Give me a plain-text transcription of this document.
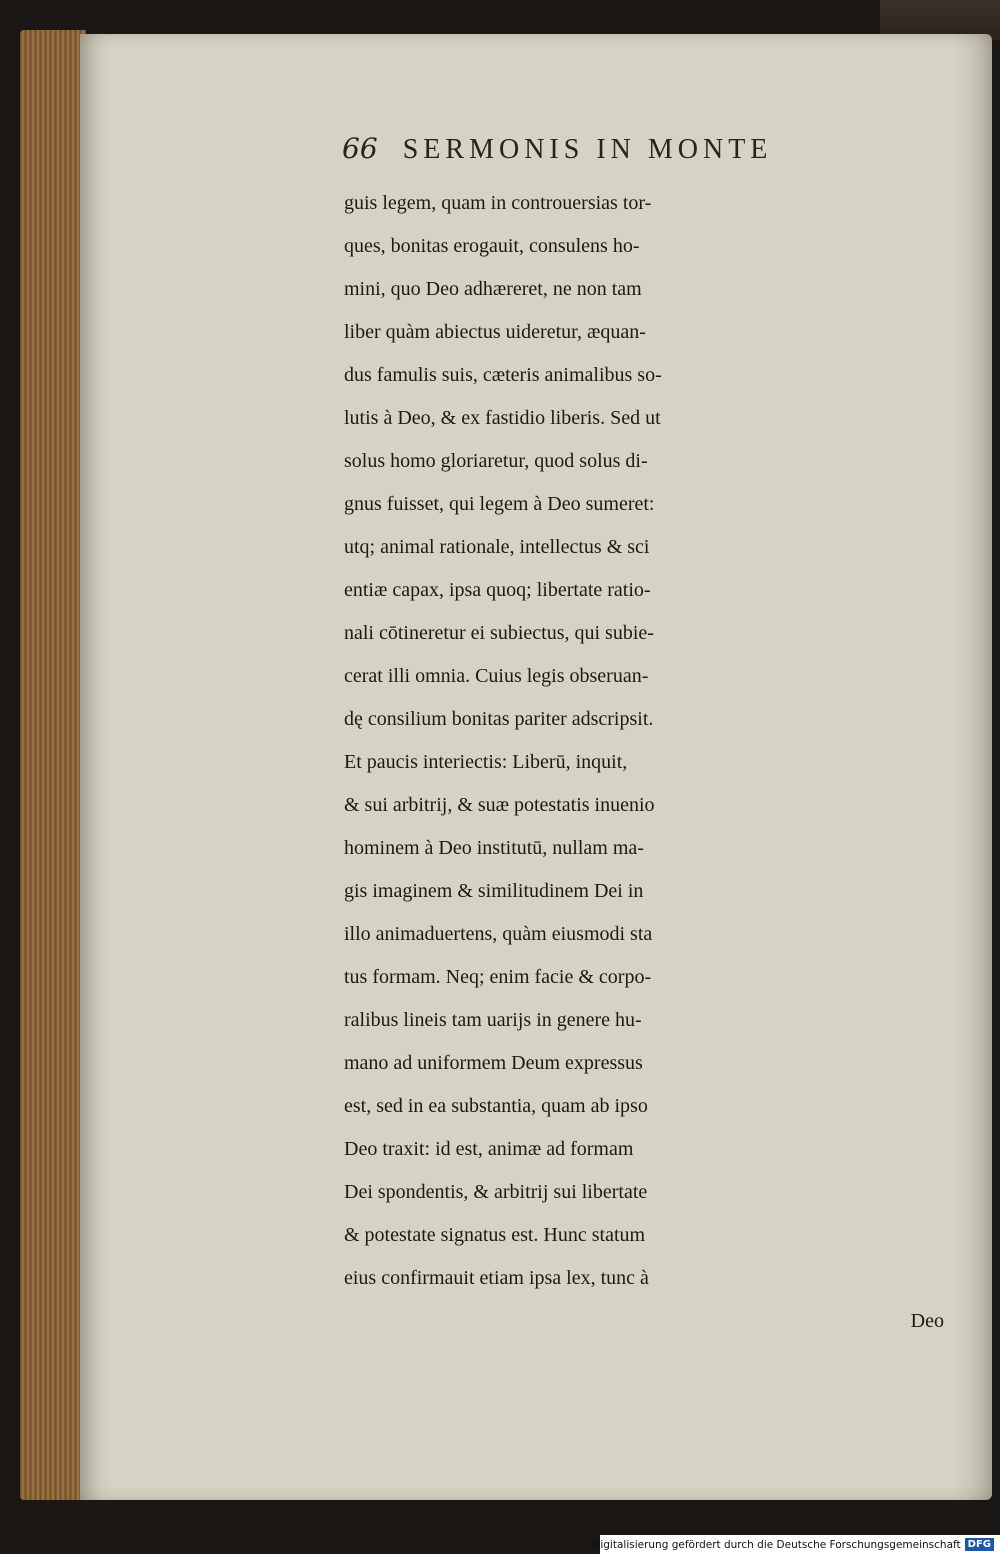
66 SERMONIS IN MONTE
guis legem, quam in controuersias tor-
ques, bonitas erogauit, consulens ho-
mini, quo Deo adhæreret, ne non tam
liber quàm abiectus uideretur, æquan-
dus famulis suis, cæteris animalibus so-
lutis à Deo, & ex fastidio liberis. Sed ut
solus homo gloriaretur, quod solus di-
gnus fuisset, qui legem à Deo sumeret:
utq; animal rationale, intellectus & sci
entiæ capax, ipsa quoq; libertate ratio-
nali cōtineretur ei subiectus, qui subie-
cerat illi omnia. Cuius legis obseruan-
dę consilium bonitas pariter adscripsit.
Et paucis interiectis: Liberū, inquit,
& sui arbitrij, & suæ potestatis inuenio
hominem à Deo institutū, nullam ma-
gis imaginem & similitudinem Dei in
illo animaduertens, quàm eiusmodi sta
tus formam. Neq; enim facie & corpo-
ralibus lineis tam uarijs in genere hu-
mano ad uniformem Deum expressus
est, sed in ea substantia, quam ab ipso
Deo traxit: id est, animæ ad formam
Dei spondentis, & arbitrij sui libertate
& potestate signatus est. Hunc statum
eius confirmauit etiam ipsa lex, tunc à
Deo
Digitalisierung gefördert durch die Deutsche Forschungsgemeinschaft DFG
